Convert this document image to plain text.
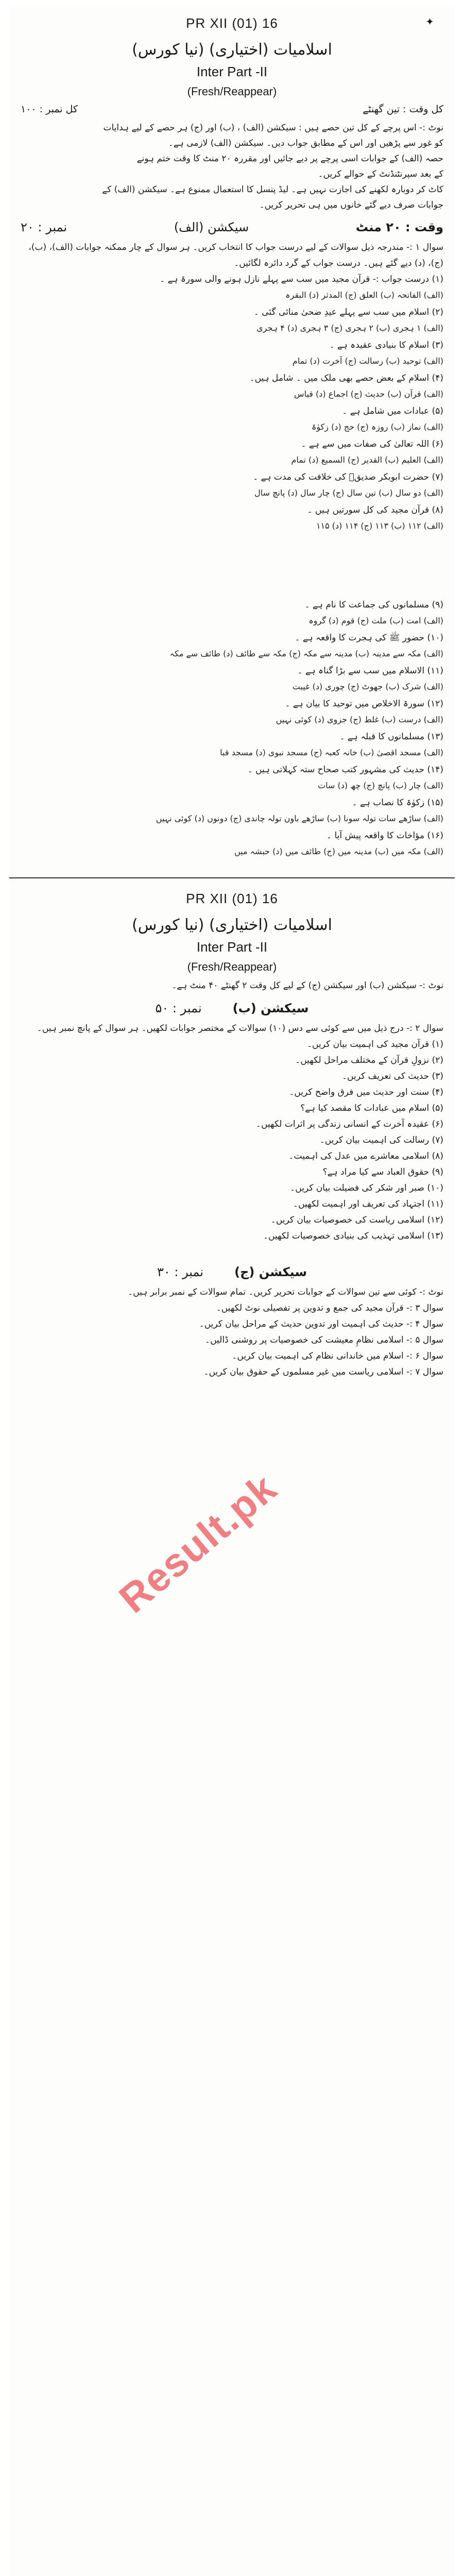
✦
PR XII (01) 16
اسلامیات (اختیاری) (نیا کورس)
Inter Part -II
(Fresh/Reappear)
کل وقت : تین گھنٹے
کل نمبر : ۱۰۰
نوٹ :- اس پرچے کے کل تین حصے ہیں : سیکشن (الف) ، (ب) اور (ج) ہر حصے کے لیے ہدایات
کو غور سے پڑھیں اور اس کے مطابق جواب دیں۔ سیکشن (الف) لازمی ہے۔
حصہ (الف) کے جوابات اسی پرچے پر دیے جائیں اور مقررہ ۲۰ منٹ کا وقت ختم ہونے
کے بعد سپرنٹنڈنٹ کے حوالے کریں۔
کاٹ کر دوبارہ لکھنے کی اجازت نہیں ہے۔ لیڈ پنسل کا استعمال ممنوع ہے۔ سیکشن (الف) کے
جوابات صرف دیے گئے خانوں میں ہی تحریر کریں۔
وقت : ۲۰ منٹ
سیکشن (الف)
نمبر : ۲۰
سوال ۱ :- مندرجہ ذیل سوالات کے لیے درست جواب کا انتخاب کریں۔ ہر سوال کے چار ممکنہ جوابات (الف)، (ب)، (ج)، (د) دیے گئے ہیں۔ درست جواب کے گرد دائرہ لگائیں۔
(۱) درست جواب :- قرآن مجید میں سب سے پہلے نازل ہونے والی سورۃ ہے ۔
(الف) الفاتحہ (ب) العلق (ج) المدثر (د) البقرہ
(۲) اسلام میں سب سے پہلے عیدِ ضحیٰ منائی گئی ۔
(الف) ۱ ہجری (ب) ۲ ہجری (ج) ۳ ہجری (د) ۴ ہجری
(۳) اسلام کا بنیادی عقیدہ ہے ۔
(الف) توحید (ب) رسالت (ج) آخرت (د) تمام
(۴) اسلام کے بعض حصے بھی ملک میں ۔ شامل ہیں۔
(الف) قرآن (ب) حدیث (ج) اجماع (د) قیاس
(۵) عبادات میں شامل ہے ۔
(الف) نماز (ب) روزہ (ج) حج (د) زکوٰۃ
(۶) اللہ تعالیٰ کی صفات میں سے ہے ۔
(الف) العلیم (ب) القدیر (ج) السمیع (د) تمام
(۷) حضرت ابوبکر صدیقؓ کی خلافت کی مدت ہے ۔
(الف) دو سال (ب) تین سال (ج) چار سال (د) پانچ سال
(۸) قرآن مجید کی کل سورتیں ہیں ۔
(الف) ۱۱۲ (ب) ۱۱۳ (ج) ۱۱۴ (د) ۱۱۵
(۹) مسلمانوں کی جماعت کا نام ہے ۔
(الف) امت (ب) ملت (ج) قوم (د) گروہ
(۱۰) حضور ﷺ کی ہجرت کا واقعہ ہے ۔
(الف) مکہ سے مدینہ (ب) مدینہ سے مکہ (ج) مکہ سے طائف (د) طائف سے مکہ
(۱۱) الاسلام میں سب سے بڑا گناہ ہے ۔
(الف) شرک (ب) جھوٹ (ج) چوری (د) غیبت
(۱۲) سورۃ الاخلاص میں توحید کا بیان ہے ۔
(الف) درست (ب) غلط (ج) جزوی (د) کوئی نہیں
(۱۳) مسلمانوں کا قبلہ ہے ۔
(الف) مسجد اقصیٰ (ب) خانہ کعبہ (ج) مسجد نبوی (د) مسجد قبا
(۱۴) حدیث کی مشہور کتب صحاح ستہ کہلاتی ہیں ۔
(الف) چار (ب) پانچ (ج) چھ (د) سات
(۱۵) زکوٰۃ کا نصاب ہے ۔
(الف) ساڑھے سات تولہ سونا (ب) ساڑھے باون تولہ چاندی (ج) دونوں (د) کوئی نہیں
(۱۶) مؤاخات کا واقعہ پیش آیا ۔
(الف) مکہ میں (ب) مدینہ میں (ج) طائف میں (د) حبشہ میں
PR XII (01) 16
اسلامیات (اختیاری) (نیا کورس)
Inter Part -II
(Fresh/Reappear)
نوٹ :- سیکشن (ب) اور سیکشن (ج) کے لیے کل وقت ۲ گھنٹے ۴۰ منٹ ہے۔
سیکشن (ب)
نمبر : ۵۰
سوال ۲ :- درج ذیل میں سے کوئی سے دس (۱۰) سوالات کے مختصر جوابات لکھیں۔ ہر سوال کے پانچ نمبر ہیں۔
(۱) قرآن مجید کی اہمیت بیان کریں۔
(۲) نزولِ قرآن کے مختلف مراحل لکھیں۔
(۳) حدیث کی تعریف کریں۔
(۴) سنت اور حدیث میں فرق واضح کریں۔
(۵) اسلام میں عبادات کا مقصد کیا ہے؟
(۶) عقیدہ آخرت کے انسانی زندگی پر اثرات لکھیں۔
(۷) رسالت کی اہمیت بیان کریں۔
(۸) اسلامی معاشرے میں عدل کی اہمیت۔
(۹) حقوق العباد سے کیا مراد ہے؟
(۱۰) صبر اور شکر کی فضیلت بیان کریں۔
(۱۱) اجتہاد کی تعریف اور اہمیت لکھیں۔
(۱۲) اسلامی ریاست کی خصوصیات بیان کریں۔
(۱۳) اسلامی تہذیب کی بنیادی خصوصیات لکھیں۔
سیکشن (ج)
نمبر : ۳۰
نوٹ :- کوئی سے تین سوالات کے جوابات تحریر کریں۔ تمام سوالات کے نمبر برابر ہیں۔
سوال ۳ :- قرآن مجید کی جمع و تدوین پر تفصیلی نوٹ لکھیں۔
سوال ۴ :- حدیث کی اہمیت اور تدوین حدیث کے مراحل بیان کریں۔
سوال ۵ :- اسلامی نظامِ معیشت کی خصوصیات پر روشنی ڈالیں۔
سوال ۶ :- اسلام میں خاندانی نظام کی اہمیت بیان کریں۔
سوال ۷ :- اسلامی ریاست میں غیر مسلموں کے حقوق بیان کریں۔
Result.pk
